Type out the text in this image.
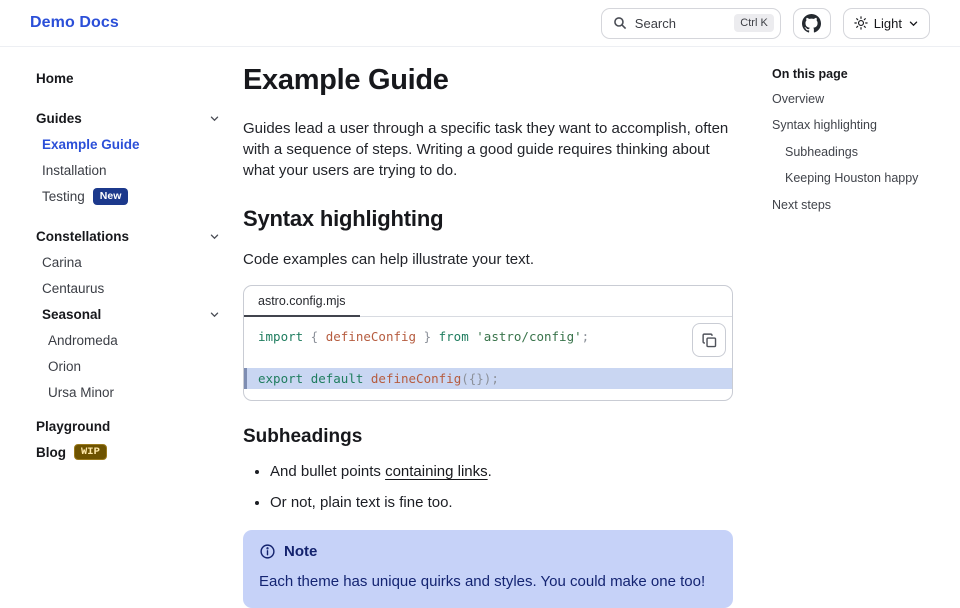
Demo Docs	Search	Ctrl K	Light
Home
Guides
Example Guide
Installation
Testing	New
Constellations
Carina
Centaurus
Seasonal
Andromeda
Orion
Ursa Minor
Playground
Blog	WIP
Example Guide

Guides lead a user through a specific task they want to accomplish, often with a sequence of steps. Writing a good guide requires thinking about what your users are trying to do.

Syntax highlighting

Code examples can help illustrate your text.

astro.config.mjs
import { defineConfig } from 'astro/config';

export default defineConfig({});
Subheadings
• And bullet points containing links.
• Or not, plain text is fine too.
Note

Each theme has unique quirks and styles. You could make one too!

On this page
Overview
Syntax highlighting
Subheadings
Keeping Houston happy
Next steps
